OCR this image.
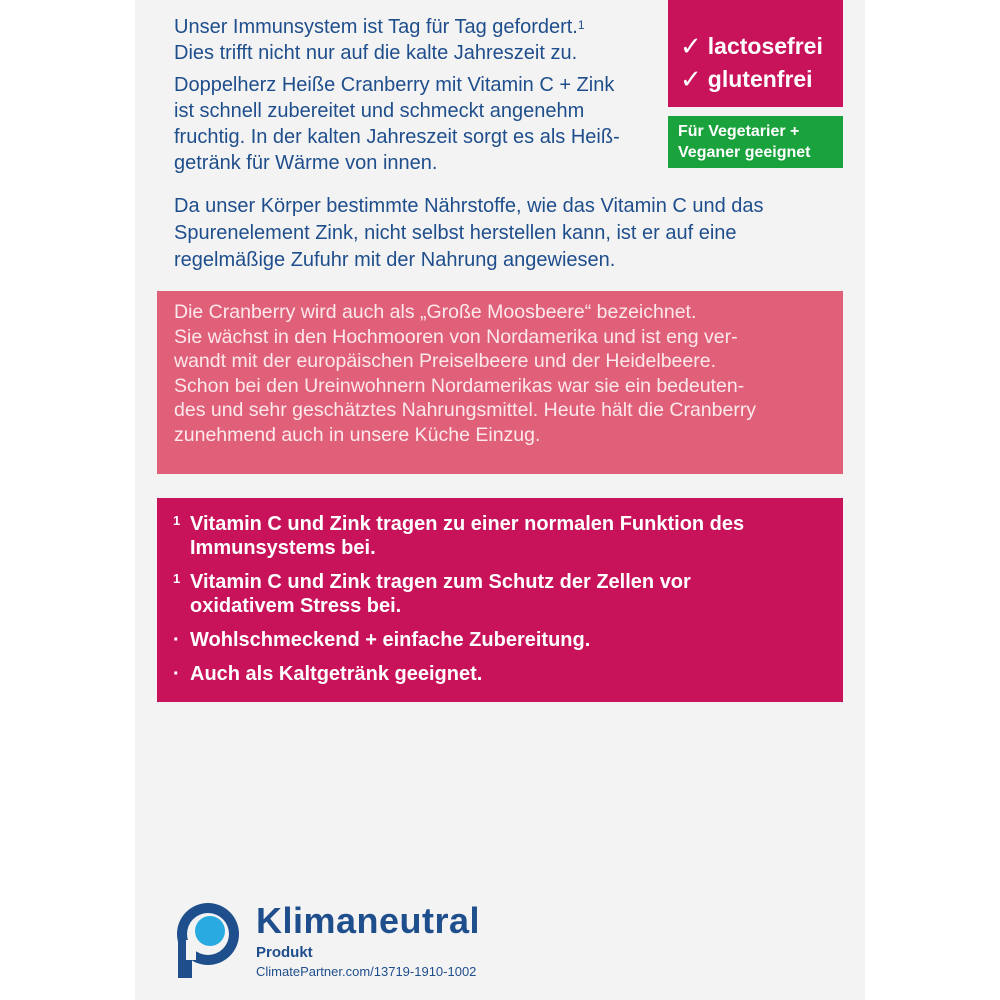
Unser Immunsystem ist Tag für Tag gefordert.$^1$
Dies trifft nicht nur auf die kalte Jahreszeit zu.

Doppelherz Heiße Cranberry mit Vitamin C + Zink
ist schnell zubereitet und schmeckt angenehm
fruchtig. In der kalten Jahreszeit sorgt es als Heiß-
getränk für Wärme von innen.

Da unser Körper bestimmte Nährstoffe, wie das Vitamin C und das
Spurenelement Zink, nicht selbst herstellen kann, ist er auf eine
regelmäßige Zufuhr mit der Nahrung angewiesen.

✓ lactosefrei
✓ glutenfrei
Für Vegetarier +
Veganer geeignet

Die Cranberry wird auch als „Große Moosbeere“ bezeichnet.
Sie wächst in den Hochmooren von Nordamerika und ist eng ver-
wandt mit der europäischen Preiselbeere und der Heidelbeere.
Schon bei den Ureinwohnern Nordamerikas war sie ein bedeuten-
des und sehr geschätztes Nahrungsmittel. Heute hält die Cranberry
zunehmend auch in unsere Küche Einzug.

1 Vitamin C und Zink tragen zu einer normalen Funktion des
Immunsystems bei.
1 Vitamin C und Zink tragen zum Schutz der Zellen vor
oxidativem Stress bei.
· Wohlschmeckend + einfache Zubereitung.
· Auch als Kaltgetränk geeignet.
Klimaneutral
Produkt
ClimatePartner.com/13719-1910-1002
